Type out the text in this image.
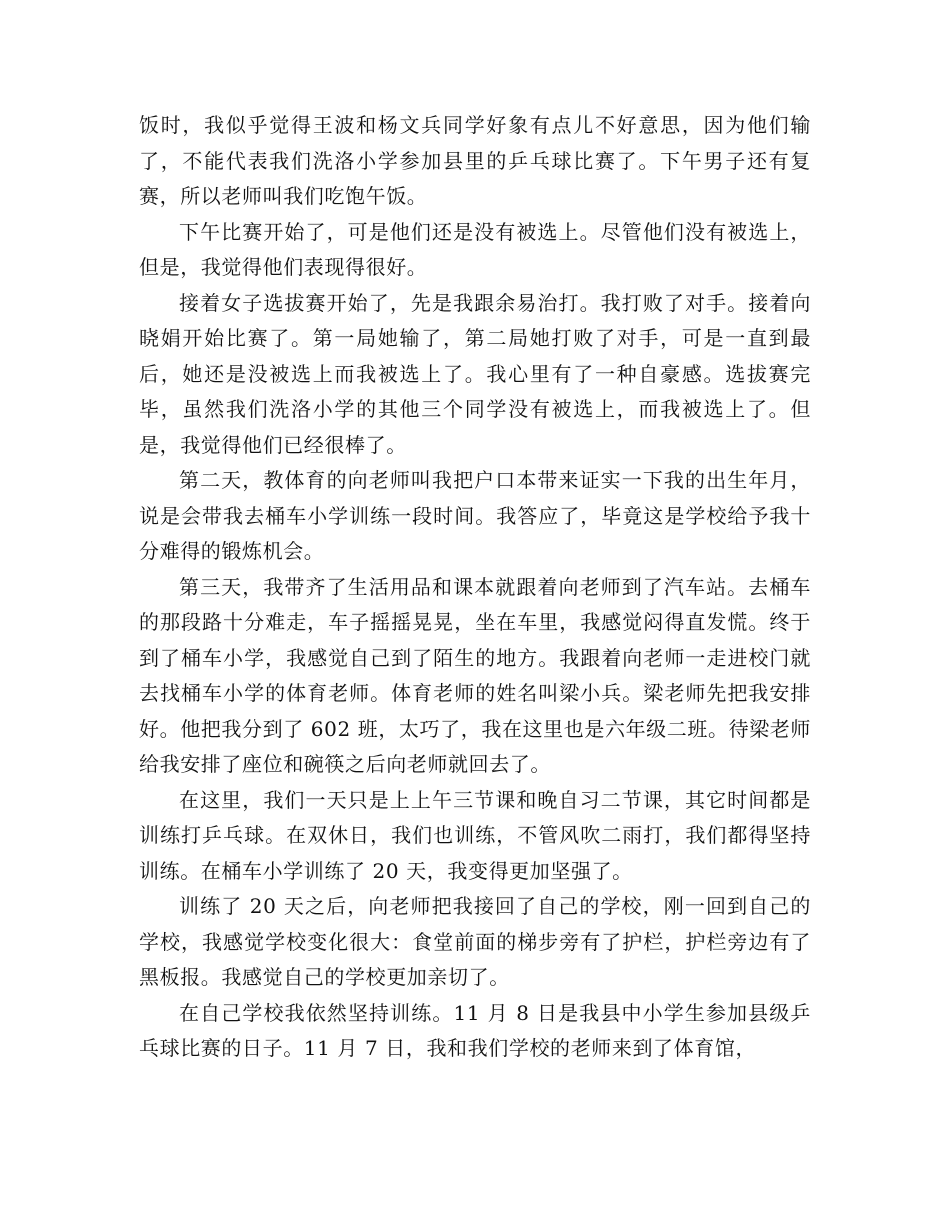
饭时，我似乎觉得王波和杨文兵同学好象有点儿不好意思，因为他们输了，不能代表我们洗洛小学参加县里的乒乓球比赛了。下午男子还有复赛，所以老师叫我们吃饱午饭。

下午比赛开始了，可是他们还是没有被选上。尽管他们没有被选上，但是，我觉得他们表现得很好。

接着女子选拔赛开始了，先是我跟余易治打。我打败了对手。接着向晓娟开始比赛了。第一局她输了，第二局她打败了对手，可是一直到最后，她还是没被选上而我被选上了。我心里有了一种自豪感。选拔赛完毕，虽然我们洗洛小学的其他三个同学没有被选上，而我被选上了。但是，我觉得他们已经很棒了。

第二天，教体育的向老师叫我把户口本带来证实一下我的出生年月，说是会带我去桶车小学训练一段时间。我答应了，毕竟这是学校给予我十分难得的锻炼机会。

第三天，我带齐了生活用品和课本就跟着向老师到了汽车站。去桶车的那段路十分难走，车子摇摇晃晃，坐在车里，我感觉闷得直发慌。终于到了桶车小学，我感觉自己到了陌生的地方。我跟着向老师一走进校门就去找桶车小学的体育老师。体育老师的姓名叫梁小兵。梁老师先把我安排好。他把我分到了 602 班，太巧了，我在这里也是六年级二班。待梁老师给我安排了座位和碗筷之后向老师就回去了。

在这里，我们一天只是上上午三节课和晚自习二节课，其它时间都是训练打乒乓球。在双休日，我们也训练，不管风吹二雨打，我们都得坚持训练。在桶车小学训练了 20 天，我变得更加坚强了。

训练了 20 天之后，向老师把我接回了自己的学校，刚一回到自己的学校，我感觉学校变化很大：食堂前面的梯步旁有了护栏，护栏旁边有了黑板报。我感觉自己的学校更加亲切了。

在自己学校我依然坚持训练。11 月 8 日是我县中小学生参加县级乒乓球比赛的日子。11 月 7 日，我和我们学校的老师来到了体育馆，
